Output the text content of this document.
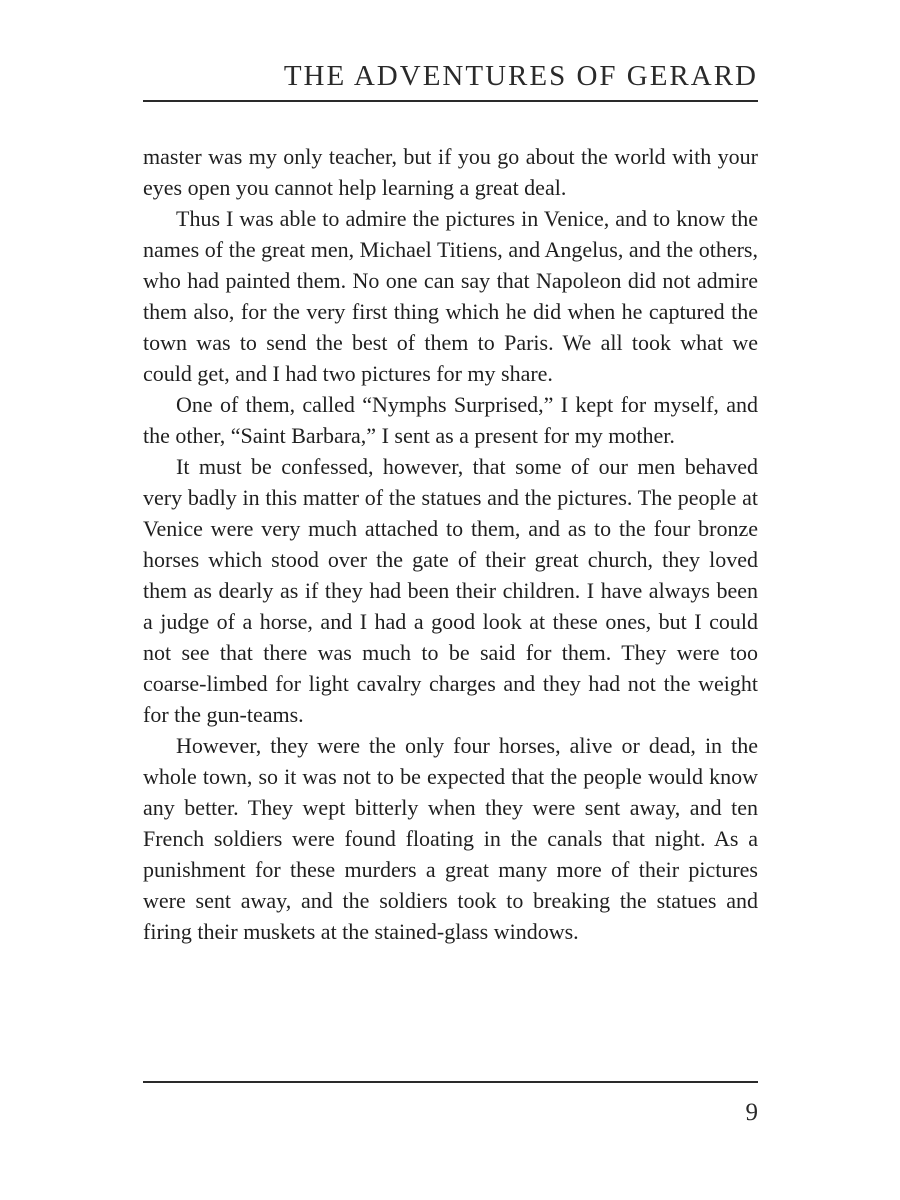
THE ADVENTURES OF GERARD

master was my only teacher, but if you go about the world with your eyes open you cannot help learning a great deal.

Thus I was able to admire the pictures in Venice, and to know the names of the great men, Michael Titiens, and Angelus, and the others, who had painted them. No one can say that Napoleon did not admire them also, for the very first thing which he did when he captured the town was to send the best of them to Paris. We all took what we could get, and I had two pictures for my share.

One of them, called “Nymphs Surprised,” I kept for myself, and the other, “Saint Barbara,” I sent as a present for my mother.

It must be confessed, however, that some of our men behaved very badly in this matter of the statues and the pictures. The people at Venice were very much attached to them, and as to the four bronze horses which stood over the gate of their great church, they loved them as dearly as if they had been their children. I have always been a judge of a horse, and I had a good look at these ones, but I could not see that there was much to be said for them. They were too coarse-limbed for light cavalry charges and they had not the weight for the gun-teams.

However, they were the only four horses, alive or dead, in the whole town, so it was not to be expected that the people would know any better. They wept bitterly when they were sent away, and ten French soldiers were found floating in the canals that night. As a punishment for these murders a great many more of their pictures were sent away, and the soldiers took to breaking the statues and firing their muskets at the stained-glass windows.

9
